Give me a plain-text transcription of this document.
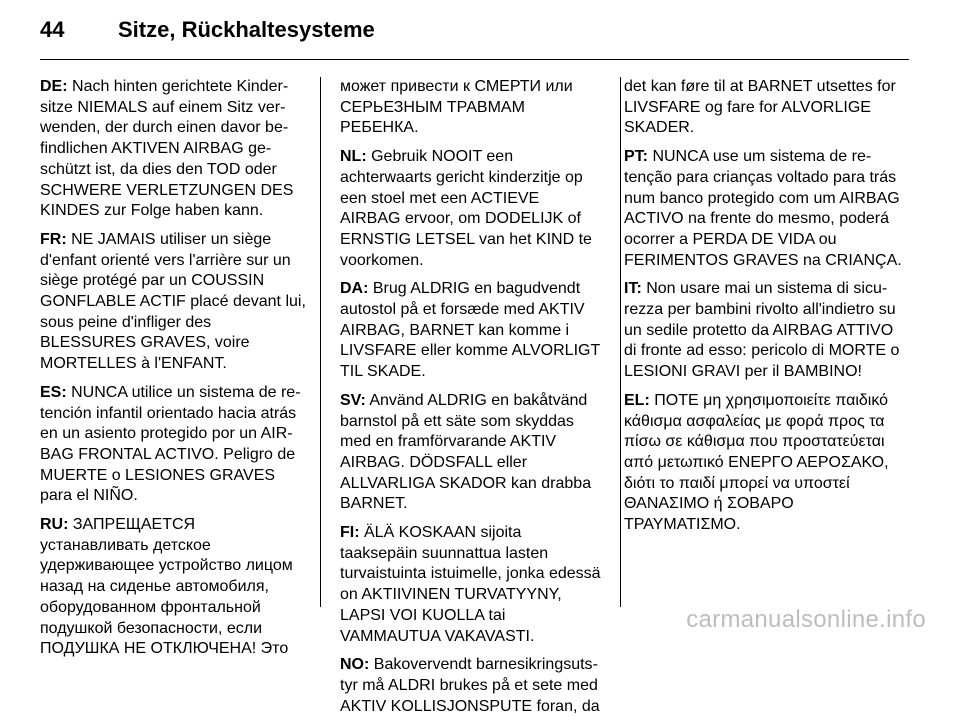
44 Sitze, Rückhaltesysteme

DE: Nach hinten gerichtete Kindersitze NIEMALS auf einem Sitz verwenden, der durch einen davor befindlichen AKTIVEN AIRBAG geschützt ist, da dies den TOD oder SCHWERE VERLETZUNGEN DES KINDES zur Folge haben kann.

FR: NE JAMAIS utiliser un siège d'enfant orienté vers l'arrière sur un siège protégé par un COUSSIN GONFLABLE ACTIF placé devant lui, sous peine d'infliger des BLESSURES GRAVES, voire MORTELLES à l'ENFANT.

ES: NUNCA utilice un sistema de retención infantil orientado hacia atrás en un asiento protegido por un AIRBAG FRONTAL ACTIVO. Peligro de MUERTE o LESIONES GRAVES para el NIÑO.

RU: ЗАПРЕЩАЕТСЯ устанавливать детское удерживающее устройство лицом назад на сиденье автомобиля, оборудованном фронтальной подушкой безопасности, если ПОДУШКА НЕ ОТКЛЮЧЕНА! Это

может привести к СМЕРТИ или СЕРЬЕЗНЫМ ТРАВМАМ РЕБЕНКА.

NL: Gebruik NOOIT een achterwaarts gericht kinderzitje op een stoel met een ACTIEVE AIRBAG ervoor, om DODELIJK of ERNSTIG LETSEL van het KIND te voorkomen.

DA: Brug ALDRIG en bagudvendt autostol på et forsæde med AKTIV AIRBAG, BARNET kan komme i LIVSFARE eller komme ALVORLIGT TIL SKADE.

SV: Använd ALDRIG en bakåtvänd barnstol på ett säte som skyddas med en framförvarande AKTIV AIRBAG. DÖDSFALL eller ALLVARLIGA SKADOR kan drabba BARNET.

FI: ÄLÄ KOSKAAN sijoita taaksepäin suunnattua lasten turvaistuinta istuimelle, jonka edessä on AKTIIVINEN TURVATYYNY, LAPSI VOI KUOLLA tai VAMMAUTUA VAKAVASTI.

NO: Bakovervendt barnesikringsutstyr må ALDRI brukes på et sete med AKTIV KOLLISJONSPUTE foran, da

det kan føre til at BARNET utsettes for LIVSFARE og fare for ALVORLIGE SKADER.

PT: NUNCA use um sistema de retenção para crianças voltado para trás num banco protegido com um AIRBAG ACTIVO na frente do mesmo, poderá ocorrer a PERDA DE VIDA ou FERIMENTOS GRAVES na CRIANÇA.

IT: Non usare mai un sistema di sicurezza per bambini rivolto all'indietro su un sedile protetto da AIRBAG ATTIVO di fronte ad esso: pericolo di MORTE o LESIONI GRAVI per il BAMBINO!

EL: ΠΟΤΕ μη χρησιμοποιείτε παιδικό κάθισμα ασφαλείας με φορά προς τα πίσω σε κάθισμα που προστατεύεται από μετωπικό ΕΝΕΡΓΟ ΑΕΡΟΣΑΚΟ, διότι το παιδί μπορεί να υποστεί ΘΑΝΑΣΙΜΟ ή ΣΟΒΑΡΟ ΤΡΑΥΜΑΤΙΣΜΟ.

carmanualsonline.info
